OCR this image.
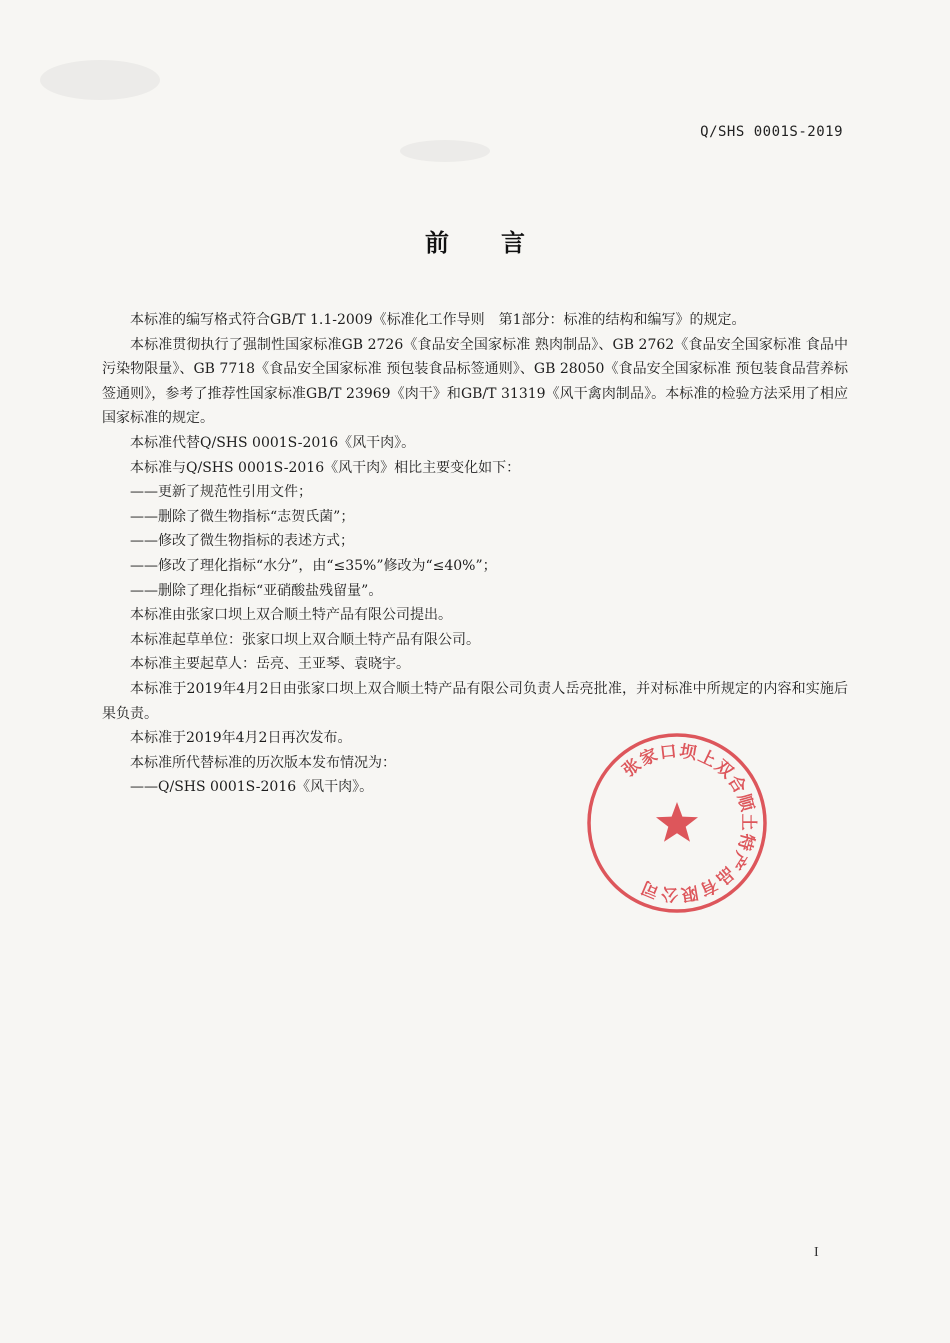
Q/SHS 0001S-2019
前言

本标准的编写格式符合GB/T 1.1-2009《标准化工作导则　第1部分：标准的结构和编写》的规定。

本标准贯彻执行了强制性国家标准GB 2726《食品安全国家标准 熟肉制品》、GB 2762《食品安全国家标准 食品中污染物限量》、GB 7718《食品安全国家标准 预包装食品标签通则》、GB 28050《食品安全国家标准 预包装食品营养标签通则》，参考了推荐性国家标准GB/T 23969《肉干》和GB/T 31319《风干禽肉制品》。本标准的检验方法采用了相应国家标准的规定。

本标准代替Q/SHS 0001S-2016《风干肉》。

本标准与Q/SHS 0001S-2016《风干肉》相比主要变化如下：

——更新了规范性引用文件；

——删除了微生物指标“志贺氏菌”；

——修改了微生物指标的表述方式；

——修改了理化指标“水分”，由“≤35%”修改为“≤40%”；

——删除了理化指标“亚硝酸盐残留量”。

本标准由张家口坝上双合顺土特产品有限公司提出。

本标准起草单位：张家口坝上双合顺土特产品有限公司。

本标准主要起草人：岳亮、王亚琴、袁晓宇。

本标准于2019年4月2日由张家口坝上双合顺土特产品有限公司负责人岳亮批准，并对标准中所规定的内容和实施后果负责。

本标准于2019年4月2日再次发布。

本标准所代替标准的历次版本发布情况为：

——Q/SHS 0001S-2016《风干肉》。

张家口坝上双合顺土特产品有限公司
I
